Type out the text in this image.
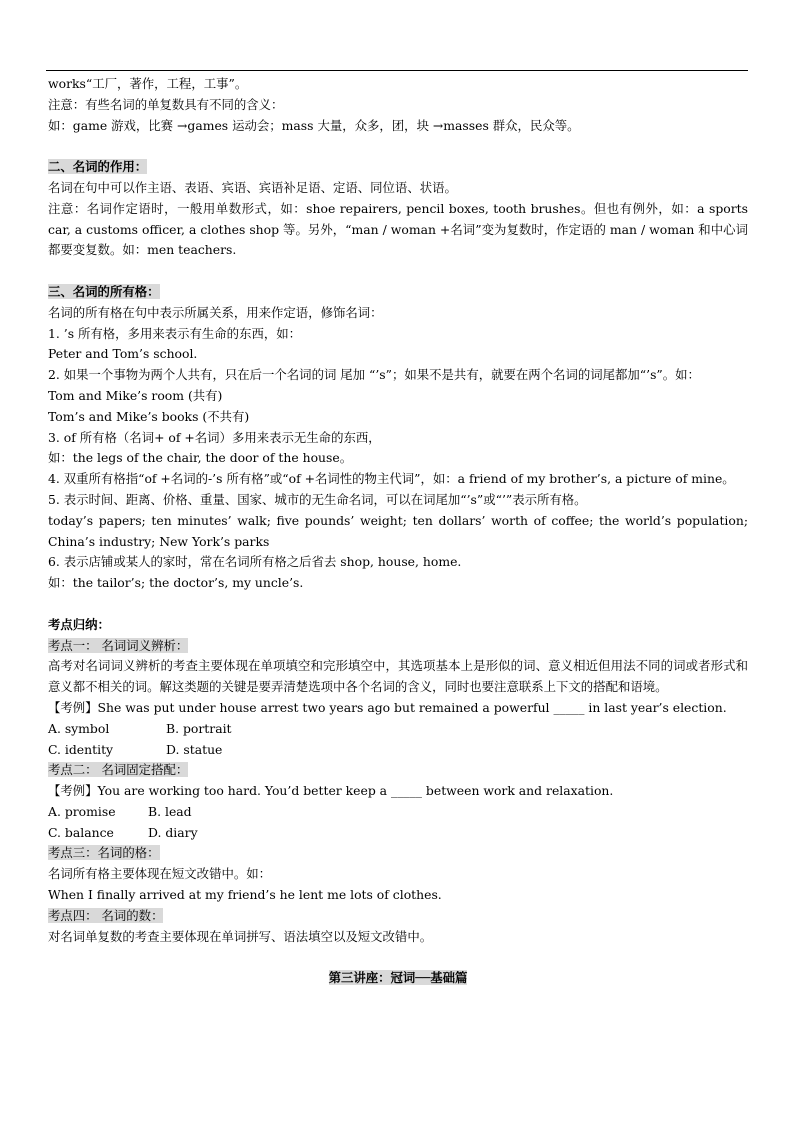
works“工厂，著作，工程，工事”。

注意：有些名词的单复数具有不同的含义：

如：game 游戏，比赛 →games 运动会；mass 大量，众多，团，块 →masses 群众，民众等。

二、名词的作用：

名词在句中可以作主语、表语、宾语、宾语补足语、定语、同位语、状语。

注意：名词作定语时，一般用单数形式，如：shoe repairers, pencil boxes, tooth brushes。但也有例外，如：a sports car, a customs officer, a clothes shop 等。另外，“man / woman +名词”变为复数时，作定语的 man / woman 和中心词都要变复数。如：men teachers.

三、名词的所有格：

名词的所有格在句中表示所属关系，用来作定语，修饰名词：

1. ’s 所有格，多用来表示有生命的东西，如：

Peter and Tom’s school.

2. 如果一个事物为两个人共有，只在后一个名词的词 尾加 “’s”；如果不是共有，就要在两个名词的词尾都加“’s”。如：

Tom and Mike’s room (共有)

Tom’s and Mike’s books (不共有)

3. of 所有格（名词+ of +名词）多用来表示无生命的东西，

如：the legs of the chair, the door of the house。

4. 双重所有格指“of +名词的-’s 所有格”或“of +名词性的物主代词”，如：a friend of my brother’s, a picture of mine。

5. 表示时间、距离、价格、重量、国家、城市的无生命名词，可以在词尾加“’s”或“’”表示所有格。

today’s papers; ten minutes’ walk; five pounds’ weight; ten dollars’ worth of coffee; the world’s population; China’s industry; New York’s parks

6. 表示店铺或某人的家时，常在名词所有格之后省去 shop, house, home.

如：the tailor’s; the doctor’s, my uncle’s.

考点归纳：

考点一： 名词词义辨析：

高考对名词词义辨析的考查主要体现在单项填空和完形填空中，其选项基本上是形似的词、意义相近但用法不同的词或者形式和意义都不相关的词。解这类题的关键是要弄清楚选项中各个名词的含义，同时也要注意联系上下文的搭配和语境。

【考例】She was put under house arrest two years ago but remained a powerful _____ in last year’s election.

A. symbol	B. portrait

C. identity	D. statue

考点二： 名词固定搭配：

【考例】You are working too hard. You’d better keep a _____ between work and relaxation.

A. promise	B. lead

C. balance	D. diary

考点三：名词的格：

名词所有格主要体现在短文改错中。如：

When I finally arrived at my friend’s he lent me lots of clothes.

考点四： 名词的数：

对名词单复数的考查主要体现在单词拼写、语法填空以及短文改错中。

第三讲座：冠词──基础篇
